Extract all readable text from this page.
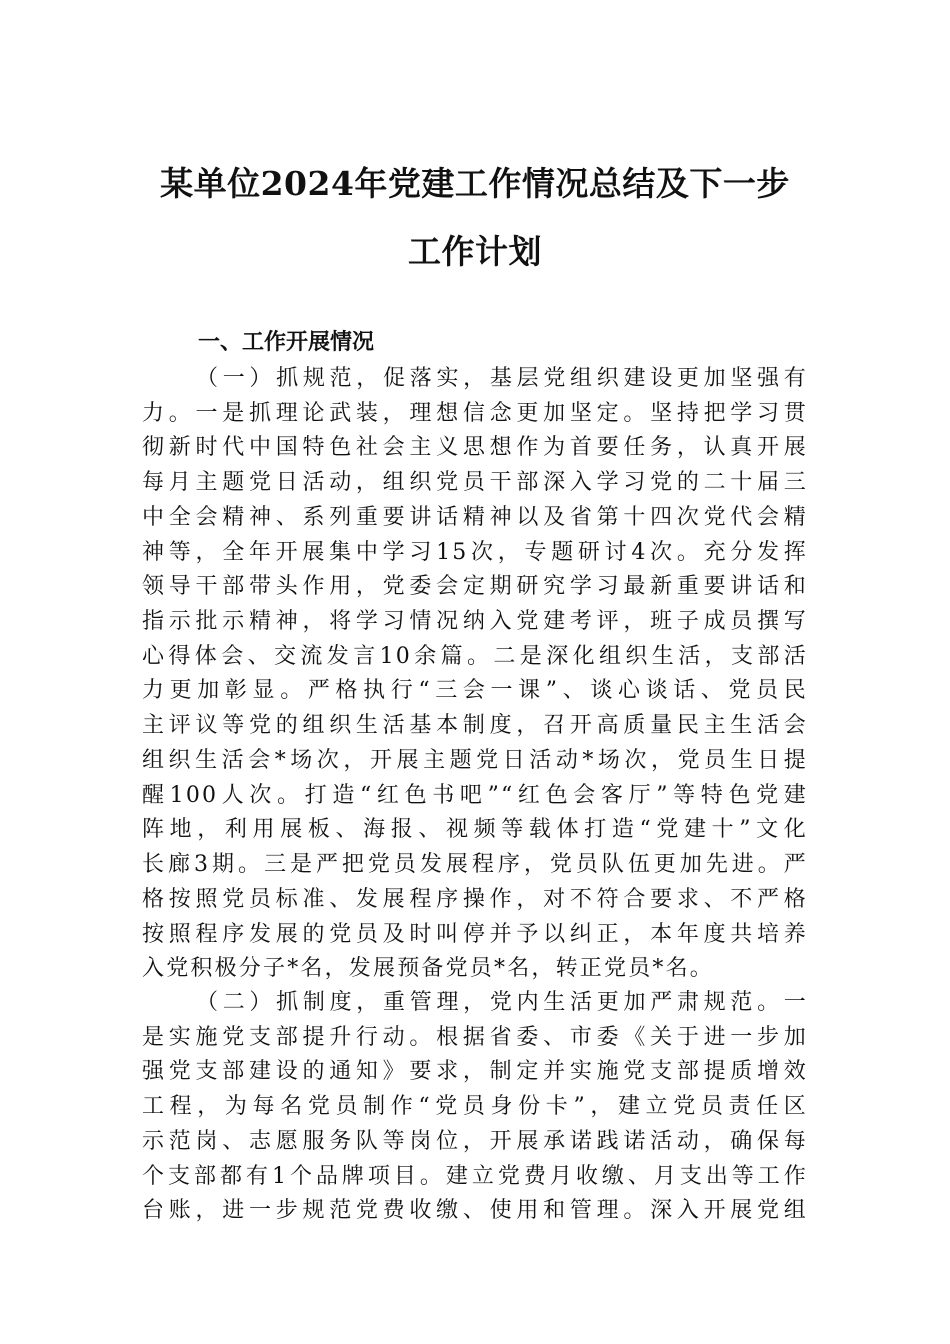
某单位2024年党建工作情况总结及下一步
工作计划
一、工作开展情况
（一）抓规范，促落实，基层党组织建设更加坚强有
力。一是抓理论武装，理想信念更加坚定。坚持把学习贯
彻新时代中国特色社会主义思想作为首要任务，认真开展
每月主题党日活动，组织党员干部深入学习党的二十届三
中全会精神、系列重要讲话精神以及省第十四次党代会精
神等，全年开展集中学习15次，专题研讨4次。充分发挥
领导干部带头作用，党委会定期研究学习最新重要讲话和
指示批示精神，将学习情况纳入党建考评，班子成员撰写
心得体会、交流发言10余篇。二是深化组织生活，支部活
力更加彰显。严格执行“三会一课”、谈心谈话、党员民
主评议等党的组织生活基本制度，召开高质量民主生活会
组织生活会*场次，开展主题党日活动*场次，党员生日提
醒100人次。打造“红色书吧”“红色会客厅”等特色党建
阵地，利用展板、海报、视频等载体打造“党建十”文化
长廊3期。三是严把党员发展程序，党员队伍更加先进。严
格按照党员标准、发展程序操作，对不符合要求、不严格
按照程序发展的党员及时叫停并予以纠正，本年度共培养
入党积极分子*名，发展预备党员*名，转正党员*名。
（二）抓制度，重管理，党内生活更加严肃规范。一
是实施党支部提升行动。根据省委、市委《关于进一步加
强党支部建设的通知》要求，制定并实施党支部提质增效
工程，为每名党员制作“党员身份卡”，建立党员责任区
示范岗、志愿服务队等岗位，开展承诺践诺活动，确保每
个支部都有1个品牌项目。建立党费月收缴、月支出等工作
台账，进一步规范党费收缴、使用和管理。深入开展党组
